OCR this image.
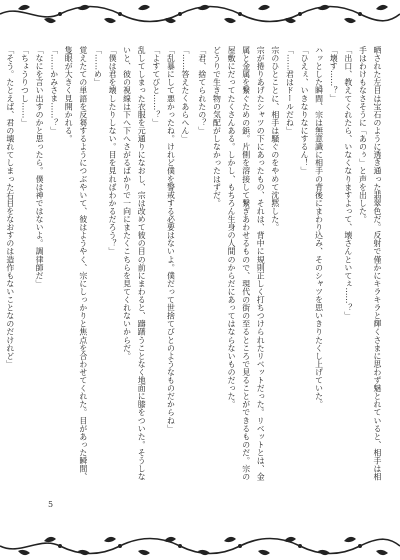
晒された左目は宝石のように透き通った翡翠色だ。反射で僅かにキラキラと輝くさまに思わず魅とれていると、相手は相手はわけもなさそうに「あのぅ」と声を出した。

「出口、教えてくれたら、いなくなりますよって、壊さんといてぇ……？」

「壊す……？」

ハッとした瞬間、宗は無意識に相手の背後にまわり込み、そのシャツを思いきりたくし上げていた。

「ひえぇ、いきなりなにするん！」

「……君はドールだね」

宗のひとことに、相手は騒ぐのをやめて沈黙した。

宗が捲りあげたシャツの下にあったもの、それは、背中に規則正しく打ちつけられたリベットだった。リベットとは、金属と金属を繋ぐための鋲。片側を溶接して繋ぎあわせるもので、現代の街の至るところで見ることができるものだ。宗の屋敷にだってたくさんある。しかし、もちろん生身の人間のからだにあってはならないものだった。

どうりで生き物の気配がしなかったはずだ。

「君、捨てられたの？」

「……答えたくあらへん」

「乱暴にして悪かったね。けれど僕を警戒する必要はないよ。僕だって世捨てびとのようなものだからね」

「よすてびと……？」

乱してしまった衣服を元通りになおし、宗は改めて彼の目の前にまわると、躊躇うことなく地面に膝をついた。そうしないと、彼の視線は下へ下へさがるばかりで一向にまたくこちらを見てくれないからだ。

「僕は君を壊したりしない。目を見ればわかるだろう？」

「……め」

覚えたての単語を反芻するようにつぶやいて、彼はようやく、宗にしっかりと焦点を合わせてくれた。目があった瞬間、隻眼が大きく見開かれる。

「……かみさま……？」

「なにを言い出すのかと思ったら。僕は神ではないよ。調律師だ」

「ちょうりつし……」

「そう。たとえば、君の壊れてしまった右目をなおすのは造作もないことなのだけれど」

5
